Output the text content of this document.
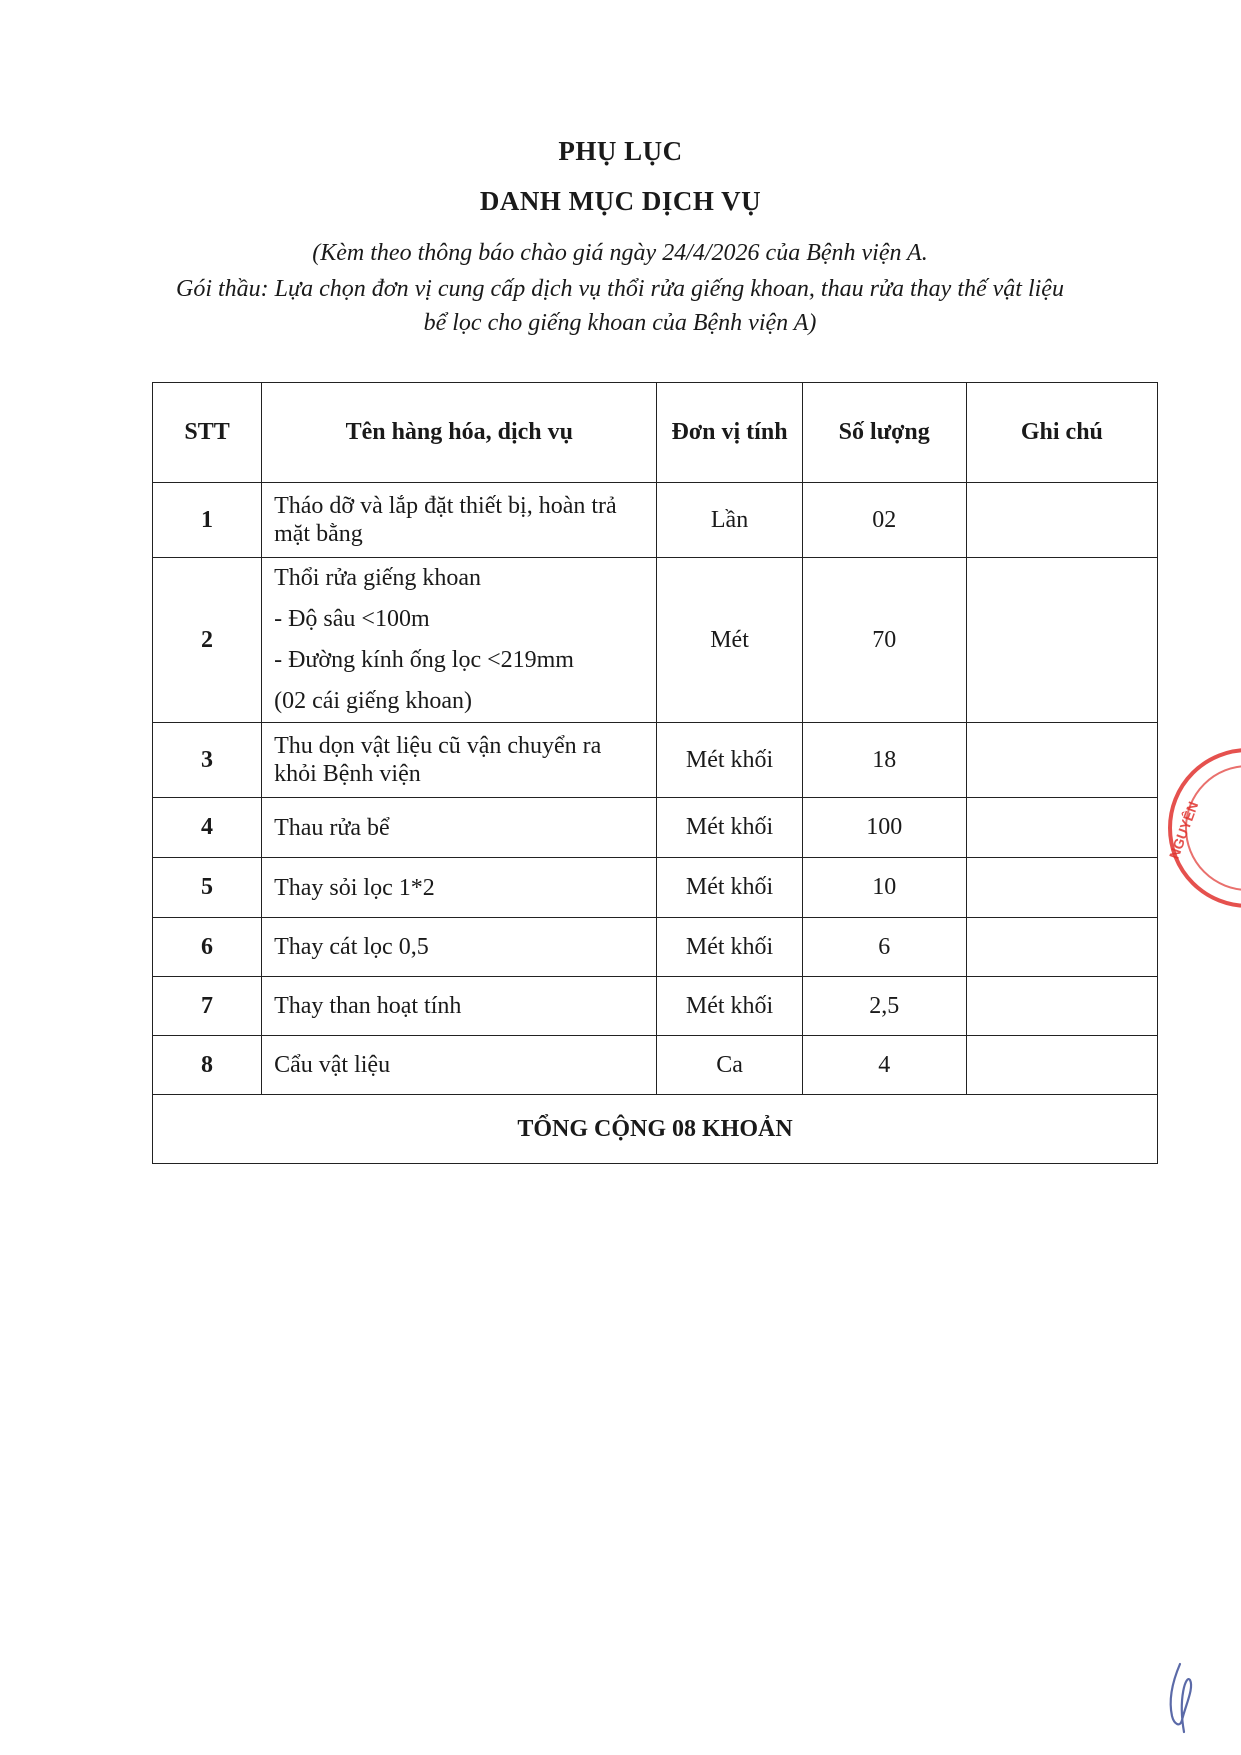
PHỤ LỤC
DANH MỤC DỊCH VỤ
(Kèm theo thông báo chào giá ngày 24/4/2026 của Bệnh viện A.
Gói thầu: Lựa chọn đơn vị cung cấp dịch vụ thổi rửa giếng khoan, thau rửa thay thế vật liệu
bể lọc cho giếng khoan của Bệnh viện A)
STT	Tên hàng hóa, dịch vụ	Đơn vị tính	Số lượng	Ghi chú
1	Tháo dỡ và lắp đặt thiết bị, hoàn trả
mặt bằng	Lần	02	
2	Thổi rửa giếng khoan
- Độ sâu <100m
- Đường kính ống lọc <219mm
(02 cái giếng khoan)	Mét	70	
3	Thu dọn vật liệu cũ vận chuyển ra
khỏi Bệnh viện	Mét khối	18	
4	Thau rửa bể	Mét khối	100	
5	Thay sỏi lọc 1*2	Mét khối	10	
6	Thay cát lọc 0,5	Mét khối	6	
7	Thay than hoạt tính	Mét khối	2,5	
8	Cẩu vật liệu	Ca	4	
TỔNG CỘNG 08 KHOẢN				
NGUYÊN
